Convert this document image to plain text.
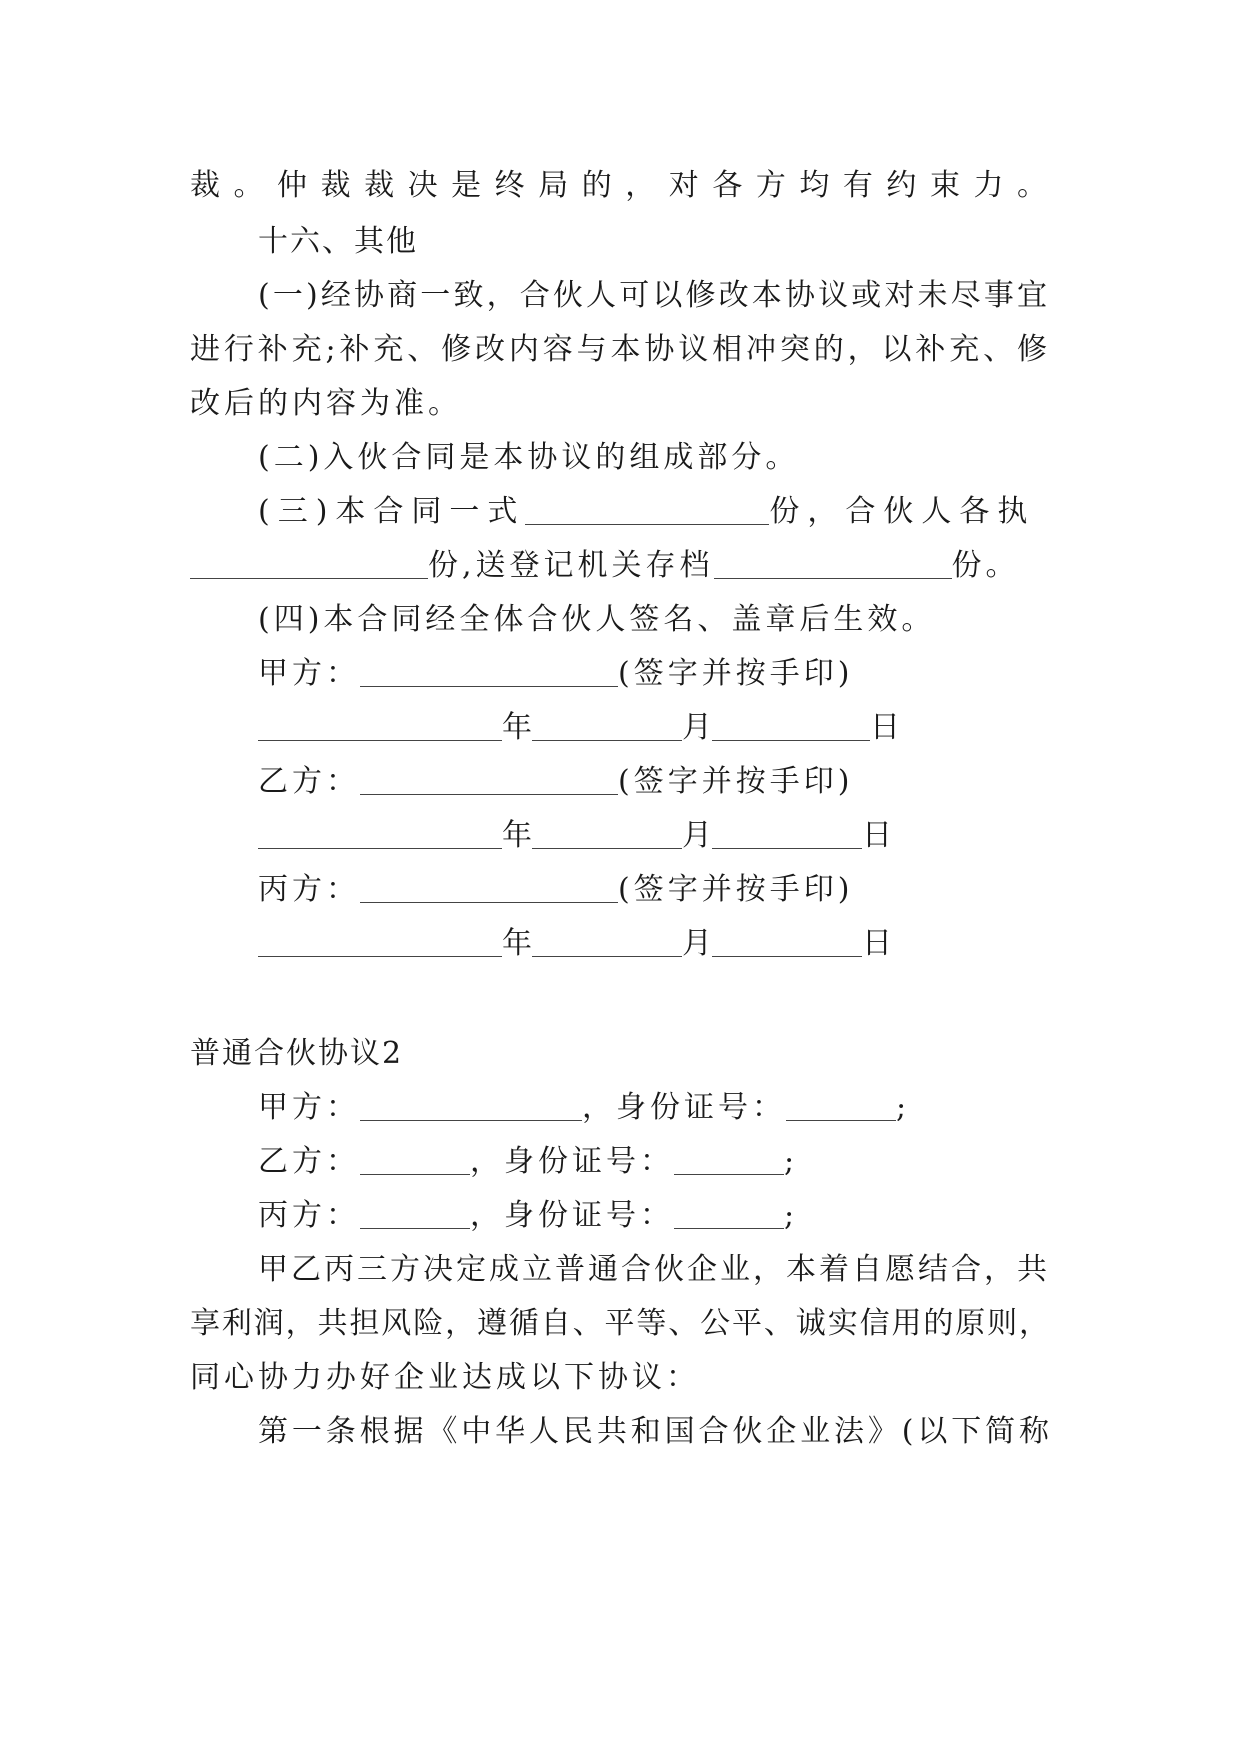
裁。仲裁裁决是终局的，对各方均有约束力。
十六、其他
(一)经协商一致，合伙人可以修改本协议或对未尽事宜
进行补充;补充、修改内容与本协议相冲突的，以补充、修
改后的内容为准。
(二)入伙合同是本协议的组成部分。
(三)本合同一式	份，合伙人各执
份,送登记机关存档	份。
(四)本合同经全体合伙人签名、盖章后生效。
甲方：	(签字并按手印)
年	月	日
乙方：	(签字并按手印)
年	月	日
丙方：	(签字并按手印)
年	月	日
普通合伙协议2
甲方：	，身份证号：	;
乙方：	，身份证号：	;
丙方：	，身份证号：	;
甲乙丙三方决定成立普通合伙企业，本着自愿结合，共
享利润，共担风险，遵循自、平等、公平、诚实信用的原则，
同心协力办好企业达成以下协议：
第一条根据《中华人民共和国合伙企业法》(以下简称
